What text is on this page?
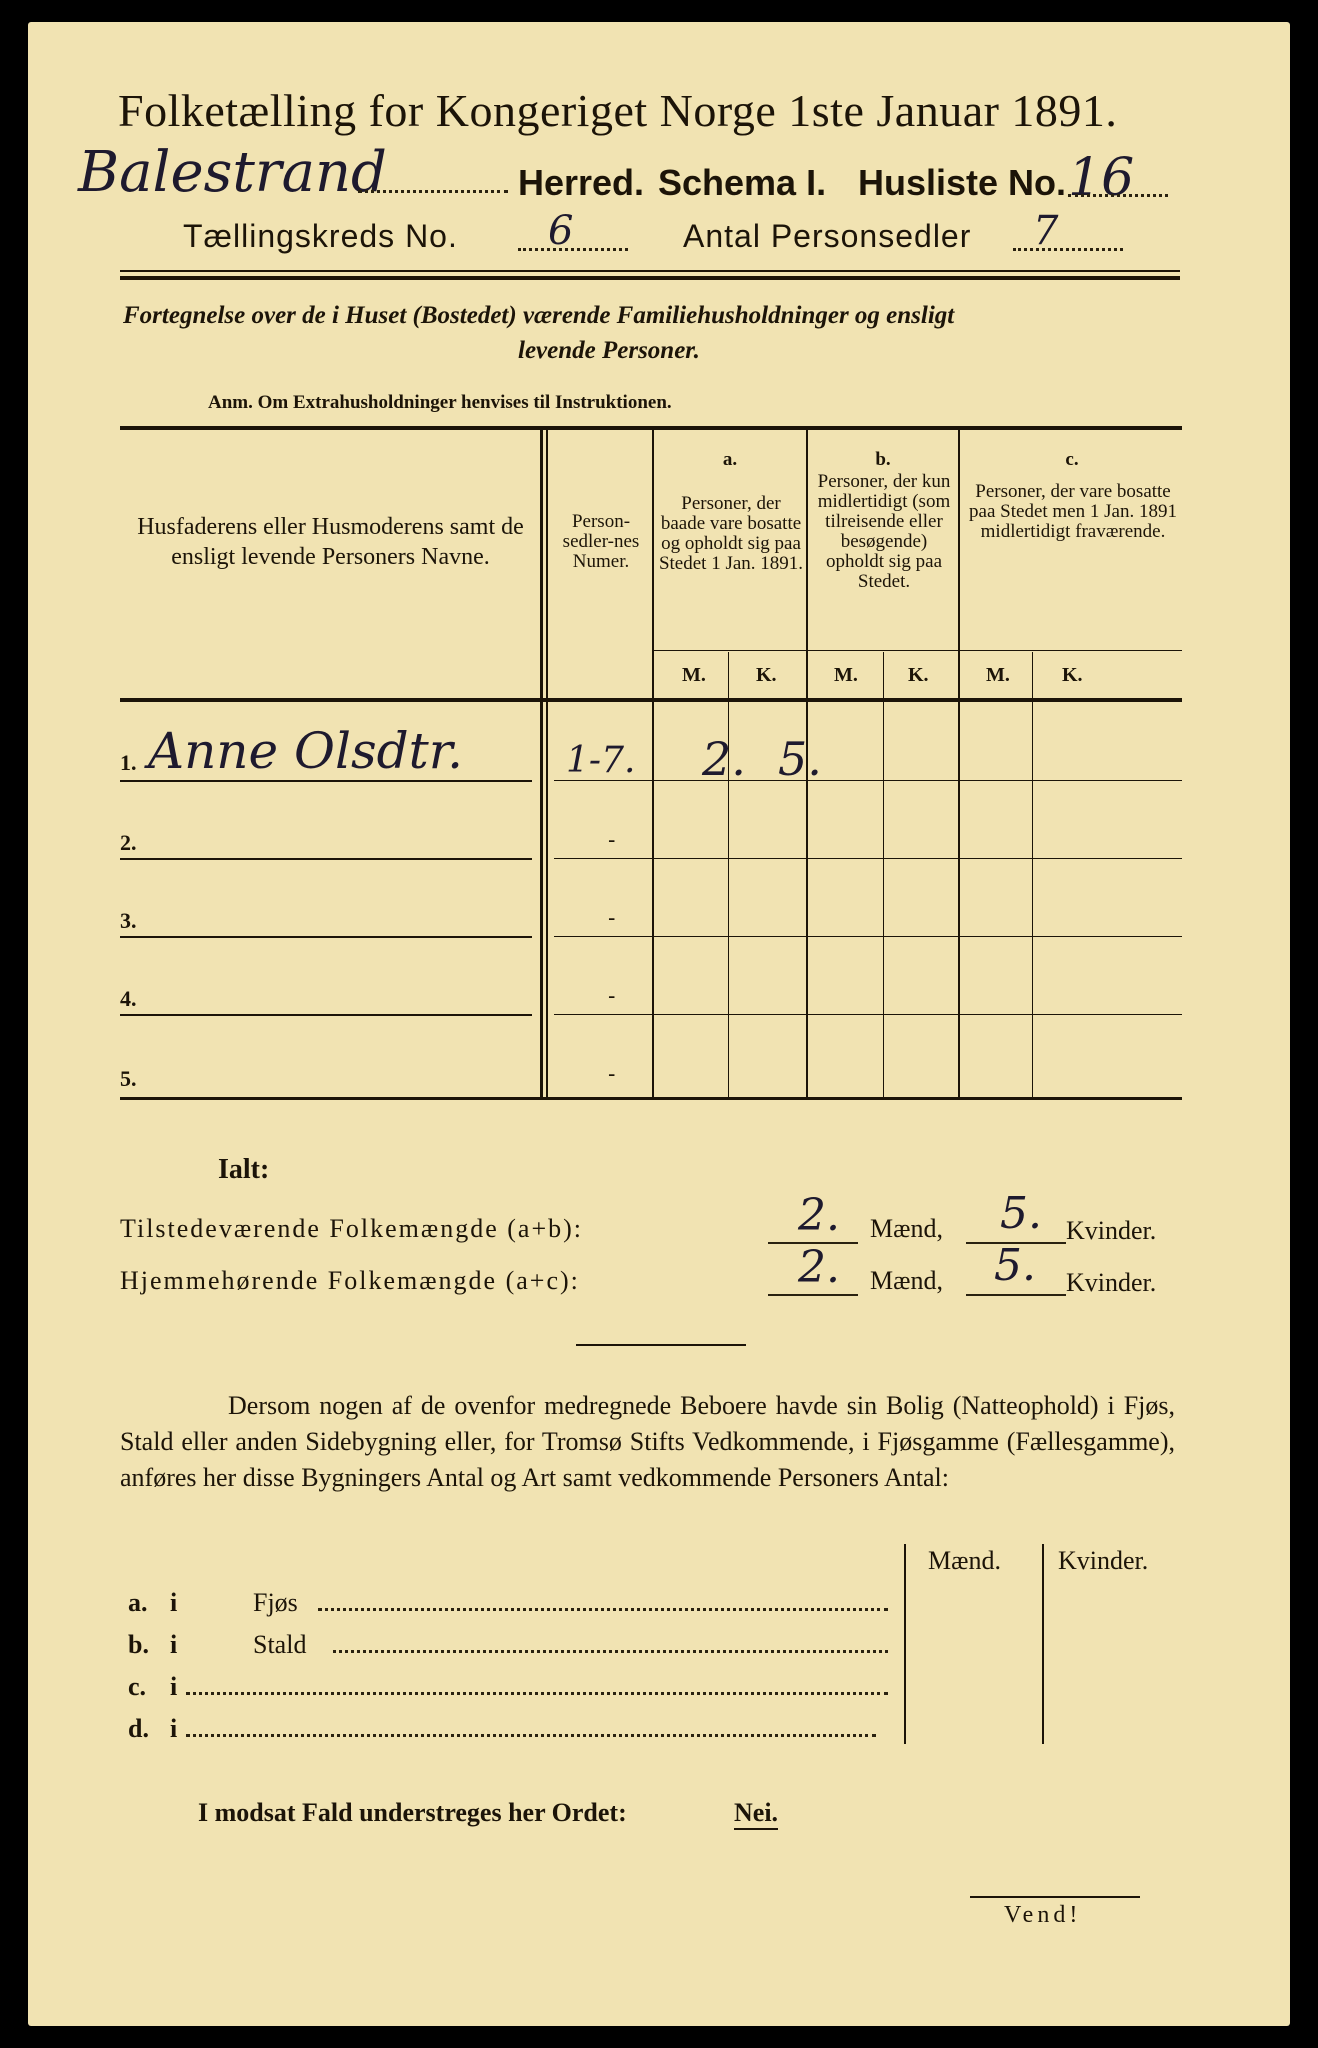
Folketælling for Kongeriget Norge 1ste Januar 1891.
Balestrand	Herred. Schema I. Husliste No. 16
Tællingskreds No. 6	Antal Personsedler 7
Fortegnelse over de i Huset (Bostedet) værende Familiehusholdninger og ensligt
levende Personer.
Anm. Om Extrahusholdninger henvises til Instruktionen.
Husfaderens eller Husmoderens samt de ensligt levende Personers Navne.
Person-sedler-nes Numer.
a.
Personer, der baade vare bosatte og opholdt sig paa Stedet 1 Jan. 1891.
b.
Personer, der kun midlertidigt (som tilreisende eller besøgende) opholdt sig paa Stedet.
c.
Personer, der vare bosatte paa Stedet men 1 Jan. 1891 midlertidigt fraværende.
M.	K.	M.	K.	M.	K.
1. Anne Olsdtr.	1-7. 2. 5.
2.	-
3.	-
4.	-
5.	-
Ialt:
Tilstedeværende Folkemængde (a+b):	2. Mænd, 5. Kvinder.
Hjemmehørende Folkemængde (a+c):	2. Mænd, 5. Kvinder.
Dersom nogen af de ovenfor medregnede Beboere havde sin Bolig (Natteophold) i Fjøs, Stald eller anden Sidebygning eller, for Tromsø Stifts Vedkommende, i Fjøsgamme (Fællesgamme), anføres her disse Bygningers Antal og Art samt vedkommende Personers Antal:
Mænd. Kvinder.
a. i	Fjøs
b. i	Stald
c. i
d. i
I modsat Fald understreges her Ordet:	Nei.
Vend!
